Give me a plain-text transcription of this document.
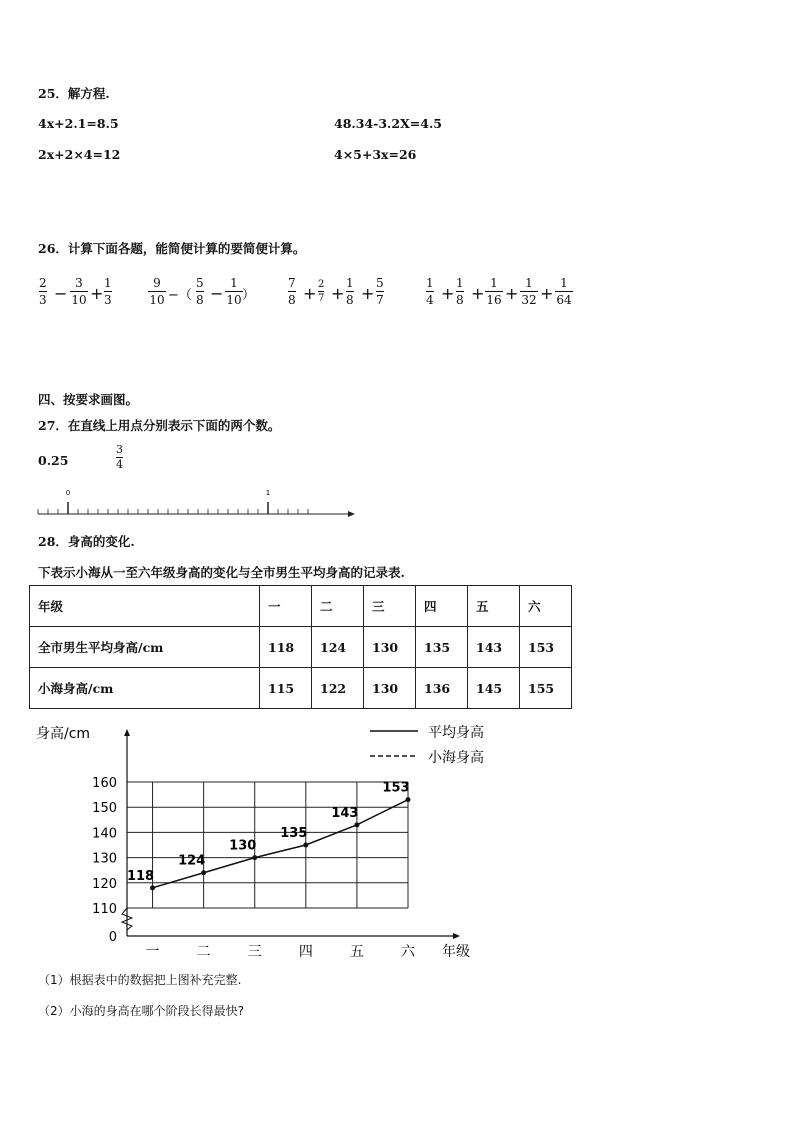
25．解方程.
4x+2.1=8.5	48.34-3.2X=4.5
2x+2×4=12	4×5+3x=26
26．计算下面各题，能简便计算的要简便计算。
2
3 −
3
10 +
1
3
9
10 −（
5
8 −
1
10 ）
7
8 + 2
7 +
1
8 +
5
7
1
4 +
1
8 +
1
16 +
1
32 +
1
64
四、按要求画图。
27．在直线上用点分别表示下面的两个数。
0.25
3
4
0	1
28．身高的变化.
下表示小海从一至六年级身高的变化与全市男生平均身高的记录表.
年级	一	二	三	四	五	六
全市男生平均身高/cm	118	124	130	135	143	153
小海身高/cm	115	122	130	136	145	155
身高/cm
年级
平均身高
小海身高
0
110
120
130
140
150
160
一	二	三	四	五	六
118
124
130
135
143
153
（1）根据表中的数据把上图补充完整.
（2）小海的身高在哪个阶段长得最快?
